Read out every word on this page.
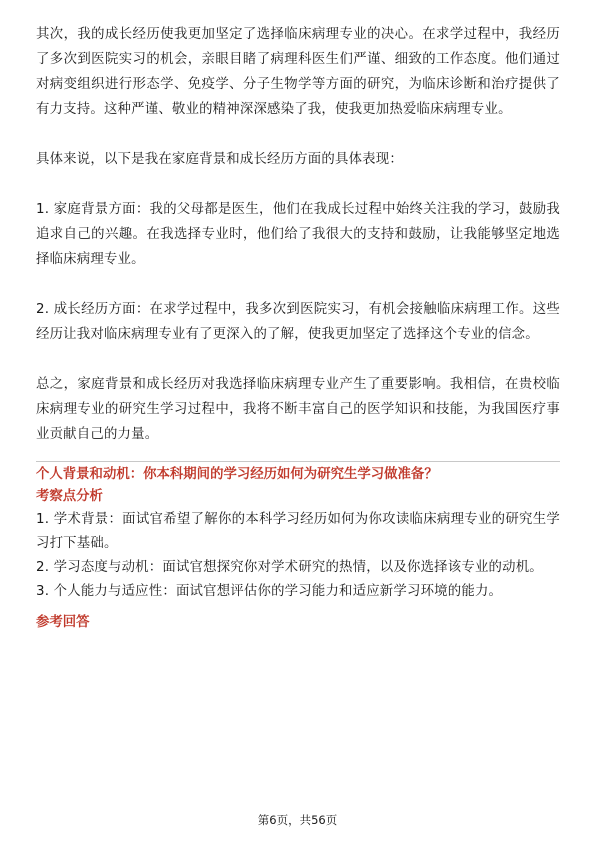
其次，我的成长经历使我更加坚定了选择临床病理专业的决心。在求学过程中，我经历了多次到医院实习的机会，亲眼目睹了病理科医生们严谨、细致的工作态度。他们通过对病变组织进行形态学、免疫学、分子生物学等方面的研究，为临床诊断和治疗提供了有力支持。这种严谨、敬业的精神深深感染了我，使我更加热爱临床病理专业。

具体来说，以下是我在家庭背景和成长经历方面的具体表现：

1. 家庭背景方面：我的父母都是医生，他们在我成长过程中始终关注我的学习，鼓励我追求自己的兴趣。在我选择专业时，他们给了我很大的支持和鼓励，让我能够坚定地选择临床病理专业。

2. 成长经历方面：在求学过程中，我多次到医院实习，有机会接触临床病理工作。这些经历让我对临床病理专业有了更深入的了解，使我更加坚定了选择这个专业的信念。

总之，家庭背景和成长经历对我选择临床病理专业产生了重要影响。我相信，在贵校临床病理专业的研究生学习过程中，我将不断丰富自己的医学知识和技能，为我国医疗事业贡献自己的力量。

个人背景和动机：你本科期间的学习经历如何为研究生学习做准备？

考察点分析

1. 学术背景：面试官希望了解你的本科学习经历如何为你攻读临床病理专业的研究生学习打下基础。

2. 学习态度与动机：面试官想探究你对学术研究的热情，以及你选择该专业的动机。

3. 个人能力与适应性：面试官想评估你的学习能力和适应新学习环境的能力。

参考回答

第6页，共56页
